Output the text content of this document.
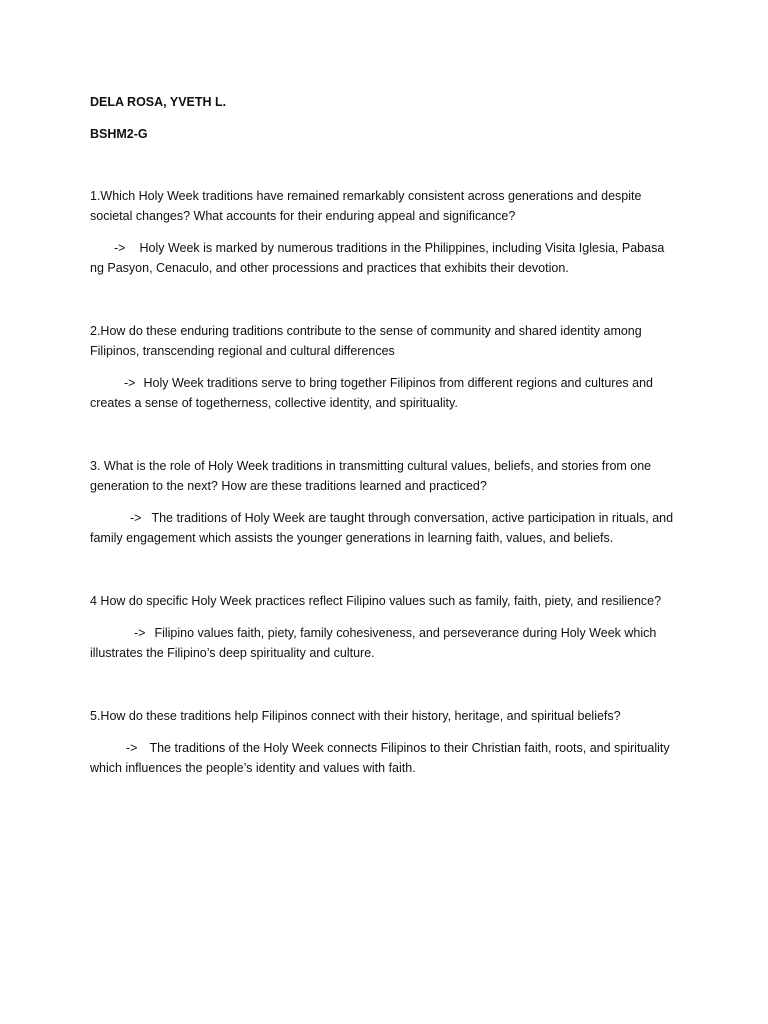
DELA ROSA, YVETH L.

BSHM2-G

1.Which Holy Week traditions have remained remarkably consistent across generations and despite societal changes? What accounts for their enduring appeal and significance?

-> Holy Week is marked by numerous traditions in the Philippines, including Visita Iglesia, Pabasa ng Pasyon, Cenaculo, and other processions and practices that exhibits their devotion.

2.How do these enduring traditions contribute to the sense of community and shared identity among Filipinos, transcending regional and cultural differences

-> Holy Week traditions serve to bring together Filipinos from different regions and cultures and creates a sense of togetherness, collective identity, and spirituality.

3. What is the role of Holy Week traditions in transmitting cultural values, beliefs, and stories from one generation to the next? How are these traditions learned and practiced?

-> The traditions of Holy Week are taught through conversation, active participation in rituals, and family engagement which assists the younger generations in learning faith, values, and beliefs.

4 How do specific Holy Week practices reflect Filipino values such as family, faith, piety, and resilience?

-> Filipino values faith, piety, family cohesiveness, and perseverance during Holy Week which illustrates the Filipino’s deep spirituality and culture.

5.How do these traditions help Filipinos connect with their history, heritage, and spiritual beliefs?

-> The traditions of the Holy Week connects Filipinos to their Christian faith, roots, and spirituality which influences the people’s identity and values with faith.
